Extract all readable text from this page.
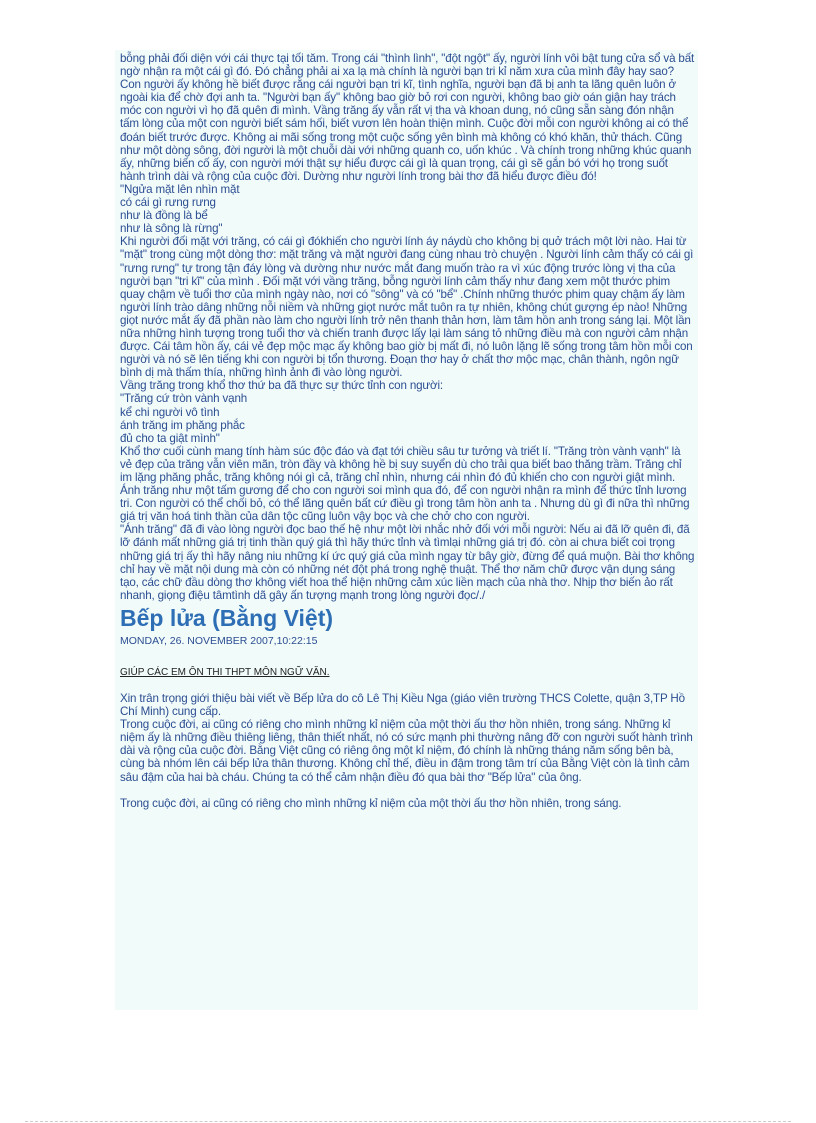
bỗng phải đối diện với cái thực tại tối tăm. Trong cái "thình lình", "đột ngột" ấy, người lính vôi bật tung cửa sổ và bất ngờ nhận ra một cái gì đó. Đó chẳng phải ai xa lạ mà chính là người bạn tri kỉ năm xưa của mình đây hay sao? Con người ấy không hề biết được rằng cái người bạn tri kĩ, tình nghĩa, người bạn đã bị anh ta lãng quên luôn ở ngoài kia để chờ đợi anh ta. "Người bạn ấy" không bao giờ bỏ rơi con người, không bao giờ oán giận hay trách móc con người vì họ đã quên đi mình. Vầng trăng ấy vẫn rất vị tha và khoan dung, nó cũng sẵn sàng đón nhận tấm lòng của một con người biết sám hối, biết vươn lên hoàn thiện mình. Cuộc đời mỗi con người không ai có thể đoán biết trước được. Không ai mãi sống trong một cuộc sống yên bình mà không có khó khăn, thử thách. Cũng như một dòng sông, đời người là một chuỗi dài với những quanh co, uốn khúc . Và chính trong những khúc quanh ấy, những biến cố ấy, con người mới thật sự hiểu được cái gì là quan trọng, cái gì sẽ gắn bó với họ trong suốt hành trình dài và rộng của cuộc đời. Dường như người lính trong bài thơ đã hiểu được điều đó!

"Ngửa mặt lên nhìn mặt

có cái gì rưng rưng

như là đồng là bể

như là sông là rừng"

Khi người đối mặt với trăng, có cái gì đókhiến cho người lính áy náydù cho không bị quở trách một lời nào. Hai từ "mặt" trong cùng một dòng thơ: mặt trăng và mặt người đang cùng nhau trò chuyện . Người lính cảm thấy có cái gì "rưng rưng" tự trong tận đáy lòng và dường như nước mắt đang muốn trào ra vì xúc động trước lòng vị tha của người bạn "tri kĩ" của mình . Đối mặt với vầng trăng, bỗng người lính cảm thấy như đang xem một thước phim quay chậm về tuổi thơ của mình ngày nào, nơi có "sông" và có "bể" .Chính những thước phim quay chậm ấy làm người lính trào dâng những nỗi niềm và những giọt nước mắt tuôn ra tự nhiên, không chút gượng ép nào! Những giọt nước mắt ấy đã phần nào làm cho người lính trở nên thanh thản hơn, làm tâm hồn anh trong sáng lại. Một lần nữa những hình tượng trong tuổi thơ và chiến tranh được lấy lại làm sáng tỏ những điều mà con người cảm nhận được. Cái tâm hồn ấy, cái vẻ đẹp mộc mạc ấy không bao giờ bị mất đi, nó luôn lặng lẽ sống trong tâm hồn mỗi con người và nó sẽ lên tiếng khi con người bị tổn thương. Đoạn thơ hay ở chất thơ mộc mạc, chân thành, ngôn ngữ bình dị mà thấm thía, những hình ảnh đi vào lòng người.

Vầng trăng trong khổ thơ thứ ba đã thực sự thức tỉnh con người:

"Trăng cứ tròn vành vạnh

kể chi người vô tình

ánh trăng im phăng phắc

đủ cho ta giật mình"

Khổ thơ cuối cùnh mang tính hàm súc độc đáo và đạt tới chiều sâu tư tưởng và triết lí. "Trăng tròn vành vạnh" là vẻ đẹp của trăng vẫn viên mãn, tròn đầy và không hề bị suy suyển dù cho trải qua biết bao thăng trầm. Trăng chỉ im lặng phăng phắc, trăng không nói gì cả, trăng chỉ nhìn, nhưng cái nhìn đó đủ khiến cho con người giật mình. Ánh trăng như một tấm gương để cho con người soi mình qua đó, để con người nhận ra mình để thức tỉnh lương tri. Con người có thể chối bỏ, có thể lãng quên bất cứ điều gì trong tâm hồn anh ta . Nhưng dù gì đi nữa thì những giá trị văn hoá tinh thần của dân tộc cũng luôn vậy bọc và che chở cho con người.

"Ánh trăng" đã đi vào lòng người đọc bao thế hệ như một lời nhắc nhở đối với mỗi người: Nếu ai đã lỡ quên đi, đã lỡ đánh mất những giá trị tinh thần quý giá thì hãy thức tỉnh và tìmlại những giá trị đó. còn ai chưa biết coi trọng những giá trị ấy thì hãy nâng niu những kí ức quý giá của mình ngay từ bây giờ, đừng để quá muộn. Bài thơ không chỉ hay về mặt nội dung mà còn có những nét đột phá trong nghệ thuật. Thể thơ năm chữ được vận dụng sáng tạo, các chữ đầu dòng thơ không viết hoa thể hiện những cảm xúc liền mạch của nhà thơ. Nhịp thơ biến ảo rất nhanh, giọng điệu tâmtình dã gây ấn tượng mạnh trong lòng người đọc/./

Bếp lửa (Bằng Việt)
MONDAY, 26. NOVEMBER 2007,10:22:15
GIÚP CÁC EM ÔN THI THPT MÔN NGỮ VĂN.

Xin trân trọng giới thiệu bài viết về Bếp lửa do cô Lê Thị Kiều Nga (giáo viên trường THCS Colette, quận 3,TP Hồ Chí Minh) cung cấp.

Trong cuộc đời, ai cũng có riêng cho mình những kỉ niệm của một thời ấu thơ hồn nhiên, trong sáng. Những kỉ niệm ấy là những điều thiêng liêng, thân thiết nhất, nó có sức mạnh phi thường nâng đỡ con người suốt hành trình dài và rộng của cuộc đời. Bằng Việt cũng có riêng ông một kỉ niệm, đó chính là những tháng năm sống bên bà, cùng bà nhóm lên cái bếp lửa thân thương. Không chỉ thế, điều in đậm trong tâm trí của Bằng Việt còn là tình cảm sâu đậm của hai bà cháu. Chúng ta có thể cảm nhận điều đó qua bài thơ "Bếp lửa" của ông.

Trong cuộc đời, ai cũng có riêng cho mình những kỉ niệm của một thời ấu thơ hồn nhiên, trong sáng.
